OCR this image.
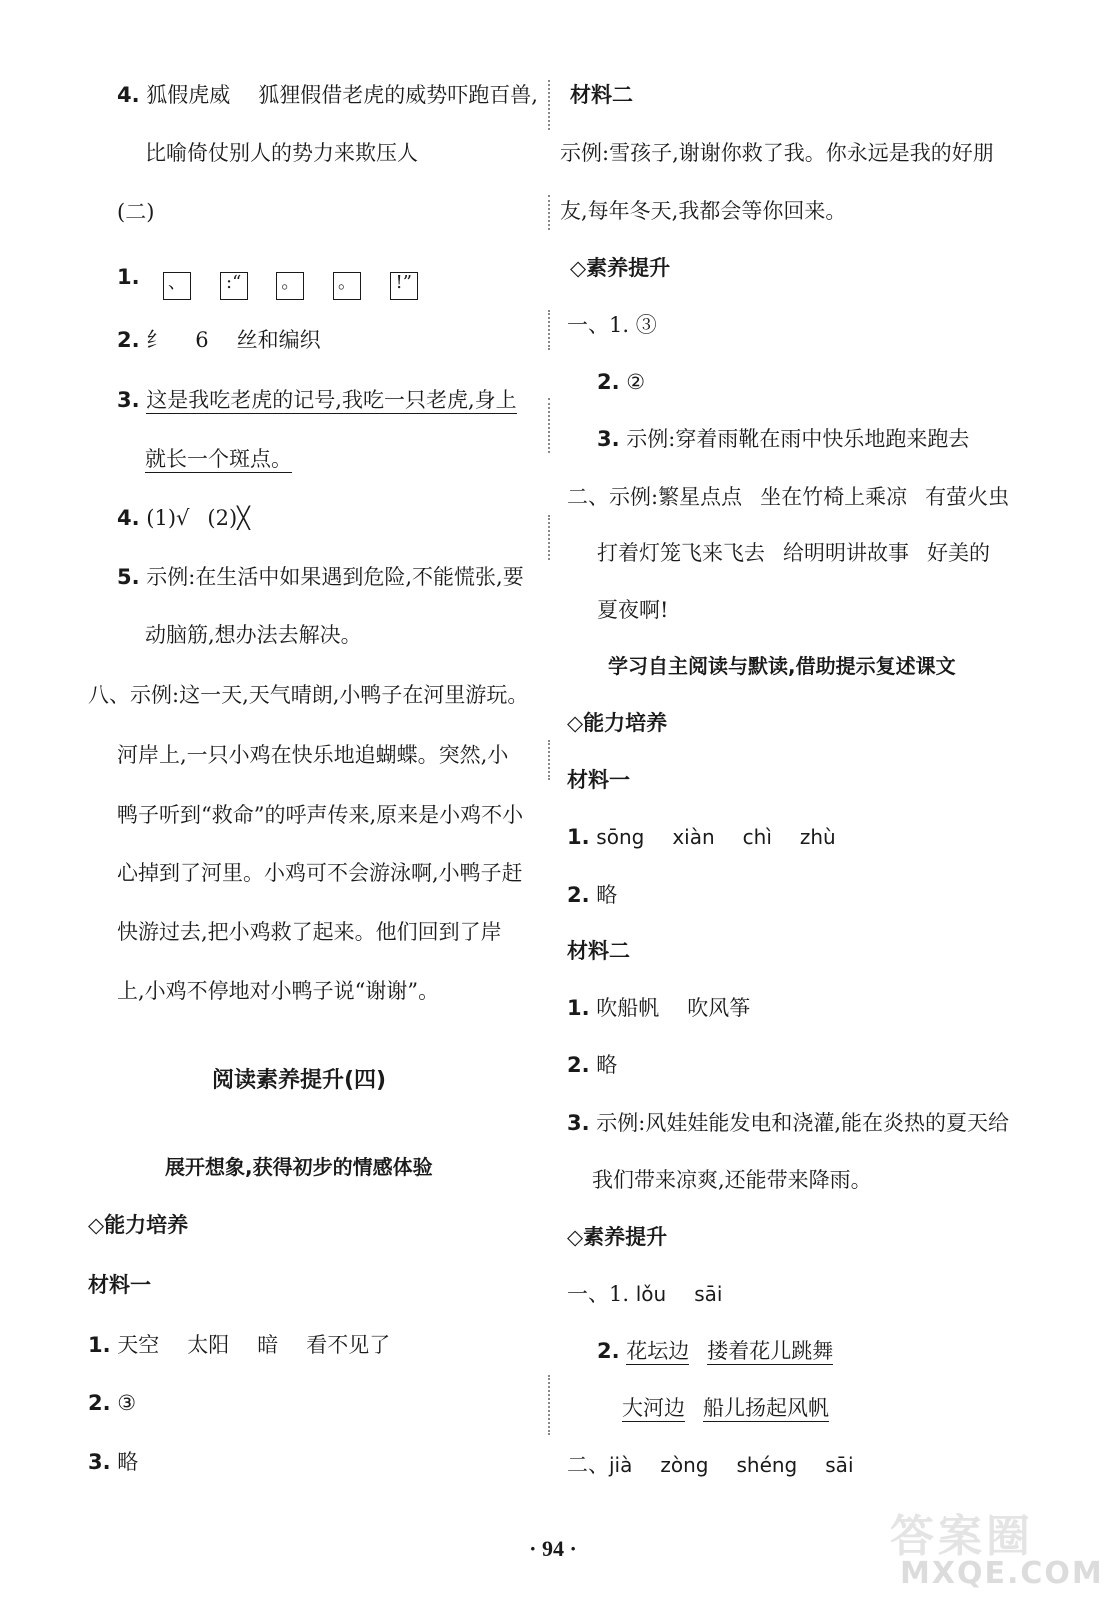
4. 狐假虎威 狐狸假借老虎的威势吓跑百兽,
比喻倚仗别人的势力来欺压人
(二)
1. 、 :“ 。 。 !”
2. 纟 6 丝和编织
3. 这是我吃老虎的记号,我吃一只老虎,身上
就长一个斑点。
4. (1)√ (2)╳
5. 示例:在生活中如果遇到危险,不能慌张,要
动脑筋,想办法去解决。
八、示例:这一天,天气晴朗,小鸭子在河里游玩。
河岸上,一只小鸡在快乐地追蝴蝶。突然,小
鸭子听到“救命”的呼声传来,原来是小鸡不小
心掉到了河里。小鸡可不会游泳啊,小鸭子赶
快游过去,把小鸡救了起来。他们回到了岸
上,小鸡不停地对小鸭子说“谢谢”。
阅读素养提升(四)
展开想象,获得初步的情感体验
◇能力培养
材料一
1. 天空 太阳 暗 看不见了
2. ③
3. 略
材料二
示例:雪孩子,谢谢你救了我。你永远是我的好朋
友,每年冬天,我都会等你回来。
◇素养提升
一、1. ③
2. ②
3. 示例:穿着雨靴在雨中快乐地跑来跑去
二、示例:繁星点点 坐在竹椅上乘凉 有萤火虫
打着灯笼飞来飞去 给明明讲故事 好美的
夏夜啊!
学习自主阅读与默读,借助提示复述课文
◇能力培养
材料一
1. sōng xiàn chì zhù
2. 略
材料二
1. 吹船帆 吹风筝
2. 略
3. 示例:风娃娃能发电和浇灌,能在炎热的夏天给
我们带来凉爽,还能带来降雨。
◇素养提升
一、1. lǒu sāi
2. 花坛边 搂着花儿跳舞
大河边 船儿扬起风帆
二、jià zòng shéng sāi
· 94 ·	答案圈
MXQE.COM
